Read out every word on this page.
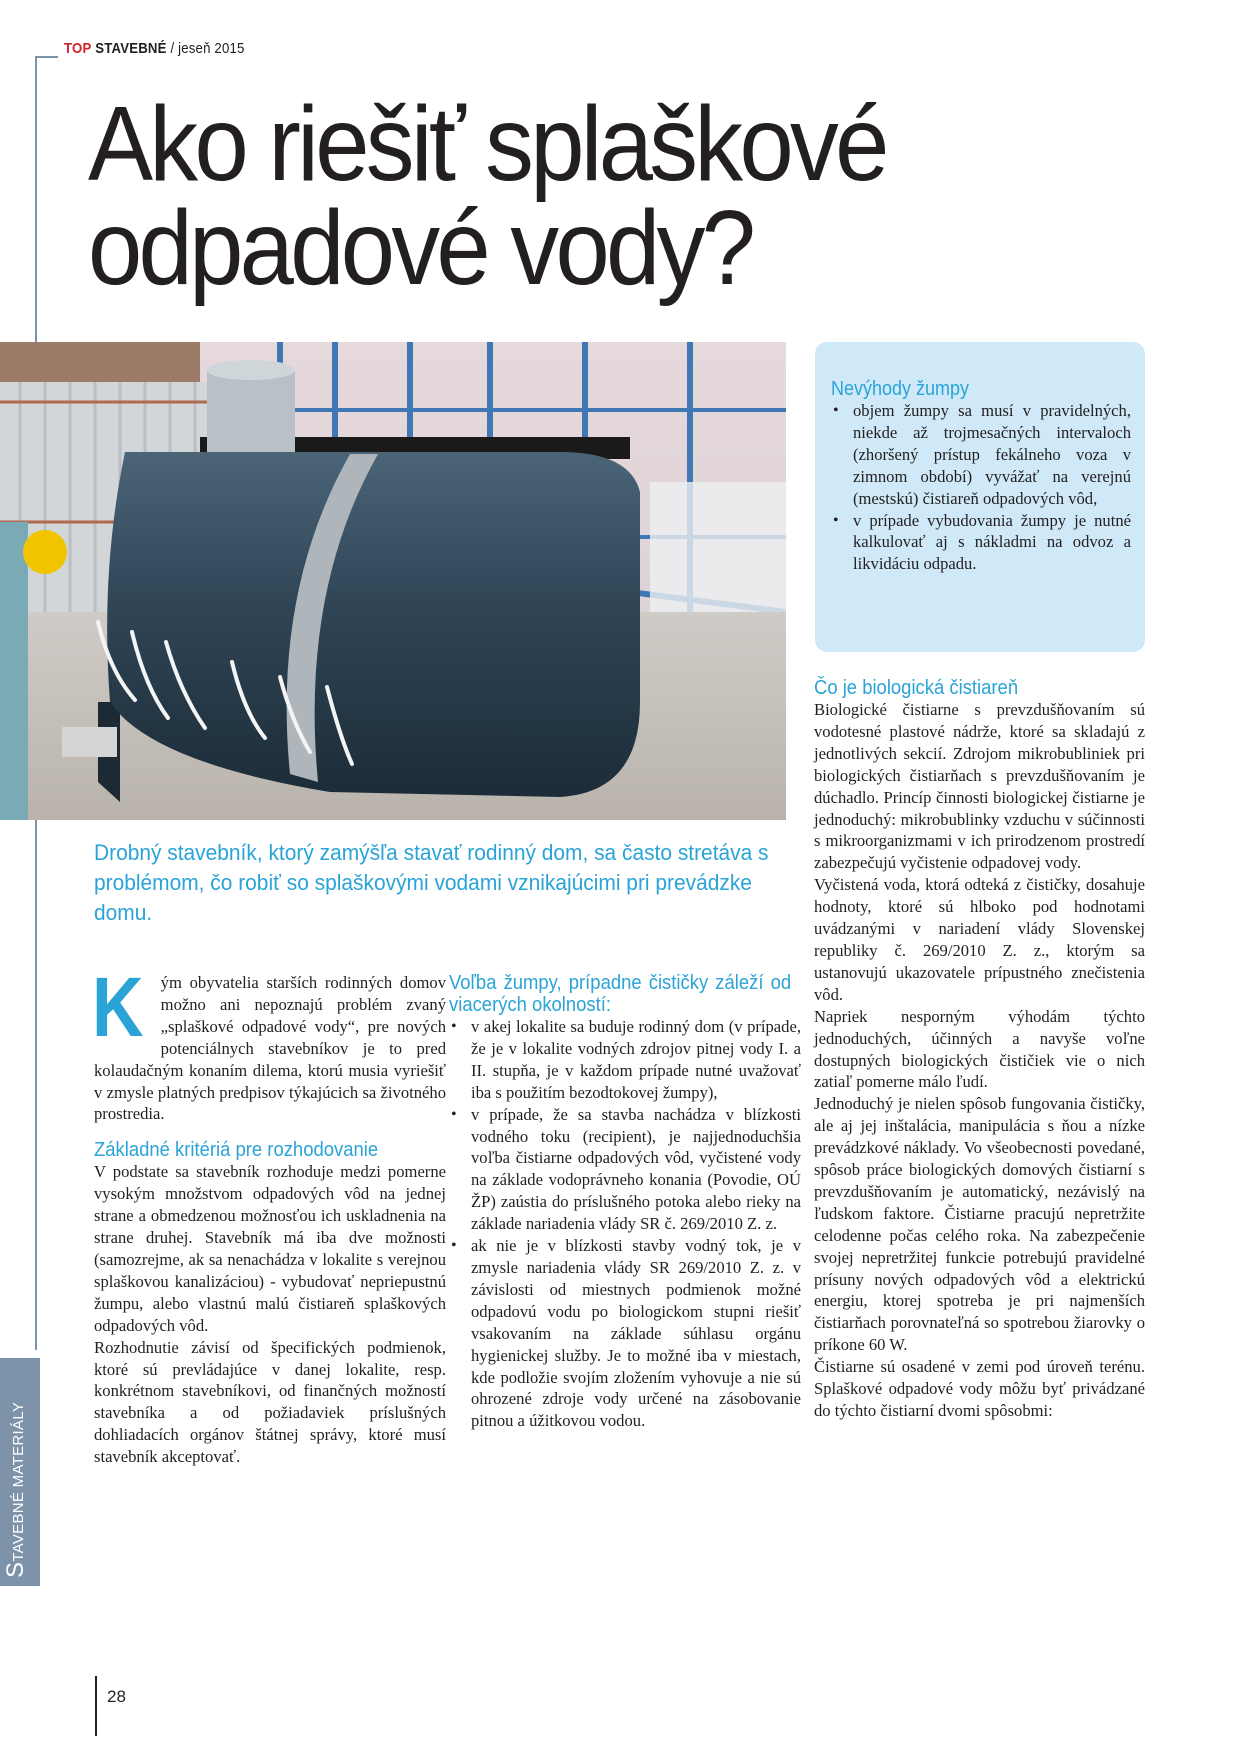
TOP STAVEBNÉ / jeseň 2015
Ako riešiť splaškové
odpadové vody?
Nevýhody žumpy
• objem žumpy sa musí v pravidelných, niekde až trojmesačných intervaloch (zhoršený prístup fekálneho voza v zimnom období) vyvážať na verejnú (mestskú) čistiareň odpadových vôd,
• v prípade vybudovania žumpy je nutné kalkulovať aj s nákladmi na odvoz a likvidáciu odpadu.

Drobný stavebník, ktorý zamýšľa stavať rodinný dom, sa často stretáva s problémom, čo robiť so splaškovými vodami vznikajúcimi pri prevádzke domu.

K ým obyvatelia starších rodinných domov možno ani nepoznajú problém zvaný „splaškové odpadové vody“, pre nových potenciálnych stavebníkov je to pred kolaudačným konaním dilema, ktorú musia vyriešiť v zmysle platných predpisov týkajúcich sa životného prostredia.

Základné kritériá pre rozhodovanie

V podstate sa stavebník rozhoduje medzi pomerne vysokým množstvom odpadových vôd na jednej strane a obmedzenou možnosťou ich uskladnenia na strane druhej. Stavebník má iba dve možnosti (samozrejme, ak sa nenachádza v lokalite s verejnou splaškovou kanalizáciou) - vybudovať nepriepustnú žumpu, alebo vlastnú malú čistiareň splaškových odpadových vôd.

Rozhodnutie závisí od špecifických podmienok, ktoré sú prevládajúce v danej lokalite, resp. konkrétnom stavebníkovi, od finančných možností stavebníka a od požiadaviek príslušných dohliadacích orgánov štátnej správy, ktoré musí stavebník akceptovať.

Voľba žumpy, prípadne čističky záleží od viacerých okolností:
• v akej lokalite sa buduje rodinný dom (v prípade, že je v lokalite vodných zdrojov pitnej vody I. a II. stupňa, je v každom prípade nutné uvažovať iba s použitím bezodtokovej žumpy),
• v prípade, že sa stavba nachádza v blízkosti vodného toku (recipient), je najjednoduchšia voľba čistiarne odpadových vôd, vyčistené vody na základe vodoprávneho konania (Povodie, OÚ ŽP) zaústia do príslušného potoka alebo rieky na základe nariadenia vlády SR č. 269/2010 Z. z.
• ak nie je v blízkosti stavby vodný tok, je v zmysle nariadenia vlády SR 269/2010 Z. z. v závislosti od miestnych podmienok možné odpadovú vodu po biologickom stupni riešiť vsakovaním na základe súhlasu orgánu hygienickej služby. Je to možné iba v miestach, kde podložie svojím zložením vyhovuje a nie sú ohrozené zdroje vody určené na zásobovanie pitnou a úžitkovou vodou.
Čo je biologická čistiareň

Biologické čistiarne s prevzdušňovaním sú vodotesné plastové nádrže, ktoré sa skladajú z jednotlivých sekcií. Zdrojom mikrobubliniek pri biologických čistiarňach s prevzdušňovaním je dúchadlo. Princíp činnosti biologickej čistiarne je jednoduchý: mikrobublinky vzduchu v súčinnosti s mikroorganizmami v ich prirodzenom prostredí zabezpečujú vyčistenie odpadovej vody.

Vyčistená voda, ktorá odteká z čističky, dosahuje hodnoty, ktoré sú hlboko pod hodnotami uvádzanými v nariadení vlády Slovenskej republiky č. 269/2010 Z. z., ktorým sa ustanovujú ukazovatele prípustného znečistenia vôd.

Napriek nesporným výhodám týchto jednoduchých, účinných a navyše voľne dostupných biologických čističiek vie o nich zatiaľ pomerne málo ľudí.

Jednoduchý je nielen spôsob fungovania čističky, ale aj jej inštalácia, manipulácia s ňou a nízke prevádzkové náklady. Vo všeobecnosti povedané, spôsob práce biologických domových čistiarní s prevzdušňovaním je automatický, nezávislý na ľudskom faktore. Čistiarne pracujú nepretržite celodenne počas celého roka. Na zabezpečenie svojej nepretržitej funkcie potrebujú pravidelné prísuny nových odpadových vôd a elektrickú energiu, ktorej spotreba je pri najmenších čistiarňach porovnateľná so spotrebou žiarovky o príkone 60 W.

Čistiarne sú osadené v zemi pod úroveň terénu. Splaškové odpadové vody môžu byť privádzané do týchto čistiarní dvomi spôsobmi:

STAVEBNÉ MATERIÁLY
28
